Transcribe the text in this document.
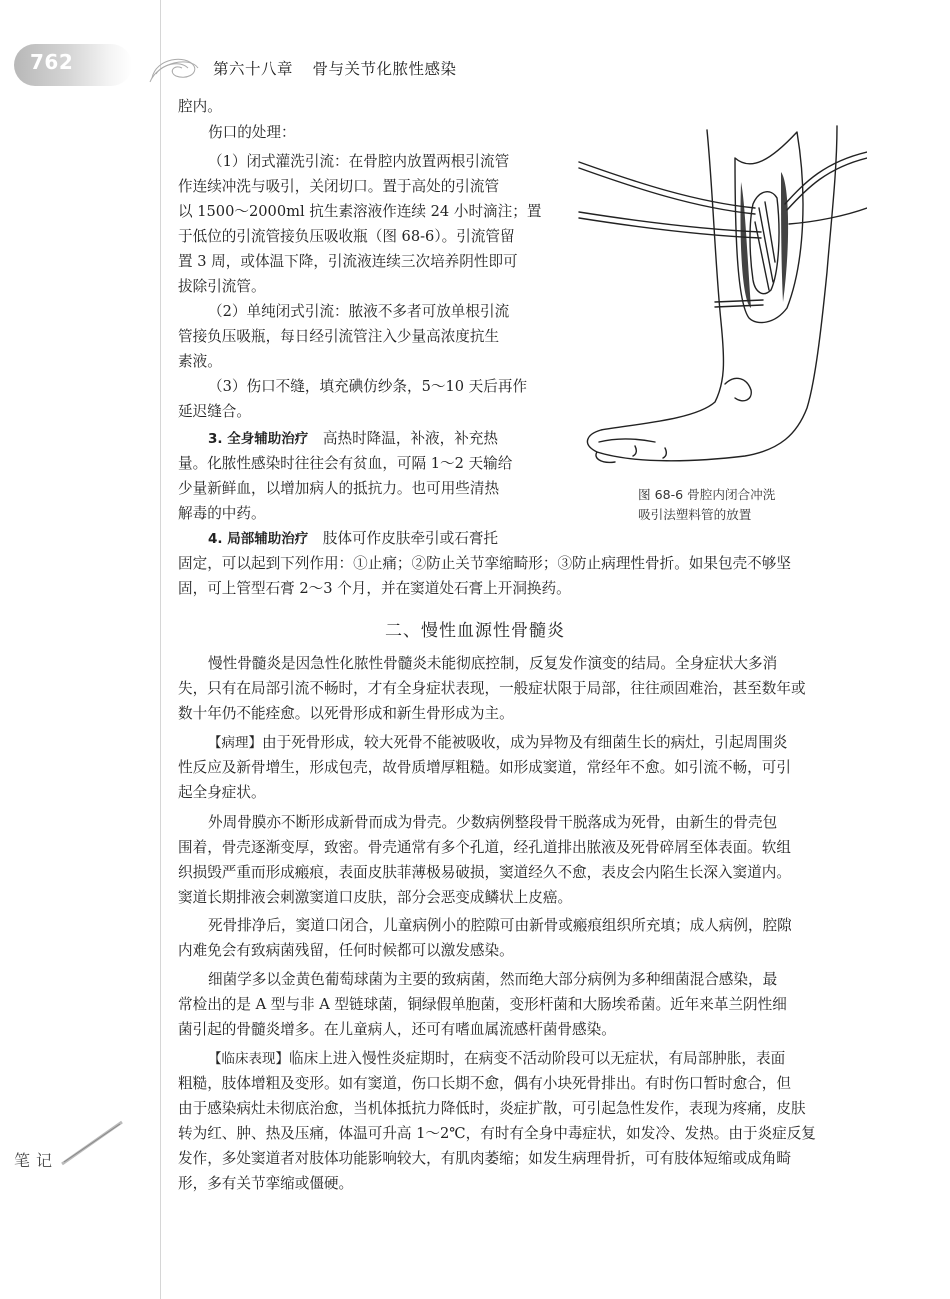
762	第六十八章 骨与关节化脓性感染
腔内。
伤口的处理：
（1）闭式灌洗引流：在骨腔内放置两根引流管
作连续冲洗与吸引，关闭切口。置于高处的引流管
以 1500～2000ml 抗生素溶液作连续 24 小时滴注；置
于低位的引流管接负压吸收瓶（图 68-6）。引流管留
置 3 周，或体温下降，引流液连续三次培养阴性即可
拔除引流管。
（2）单纯闭式引流：脓液不多者可放单根引流
管接负压吸瓶，每日经引流管注入少量高浓度抗生
素液。
（3）伤口不缝，填充碘仿纱条，5～10 天后再作
延迟缝合。
3. 全身辅助治疗 高热时降温，补液，补充热
量。化脓性感染时往往会有贫血，可隔 1～2 天输给
少量新鲜血，以增加病人的抵抗力。也可用些清热
解毒的中药。
4. 局部辅助治疗 肢体可作皮肤牵引或石膏托
固定，可以起到下列作用：①止痛；②防止关节挛缩畸形；③防止病理性骨折。如果包壳不够坚
固，可上管型石膏 2～3 个月，并在窦道处石膏上开洞换药。
图 68-6 骨腔内闭合冲洗
吸引法塑料管的放置
二、慢性血源性骨髓炎
慢性骨髓炎是因急性化脓性骨髓炎未能彻底控制，反复发作演变的结局。全身症状大多消
失，只有在局部引流不畅时，才有全身症状表现，一般症状限于局部，往往顽固难治，甚至数年或
数十年仍不能痊愈。以死骨形成和新生骨形成为主。
【病理】由于死骨形成，较大死骨不能被吸收，成为异物及有细菌生长的病灶，引起周围炎
性反应及新骨增生，形成包壳，故骨质增厚粗糙。如形成窦道，常经年不愈。如引流不畅，可引
起全身症状。
外周骨膜亦不断形成新骨而成为骨壳。少数病例整段骨干脱落成为死骨，由新生的骨壳包
围着，骨壳逐渐变厚，致密。骨壳通常有多个孔道，经孔道排出脓液及死骨碎屑至体表面。软组
织损毁严重而形成瘢痕，表面皮肤菲薄极易破损，窦道经久不愈，表皮会内陷生长深入窦道内。
窦道长期排液会刺激窦道口皮肤，部分会恶变成鳞状上皮癌。
死骨排净后，窦道口闭合，儿童病例小的腔隙可由新骨或瘢痕组织所充填；成人病例，腔隙
内难免会有致病菌残留，任何时候都可以激发感染。
细菌学多以金黄色葡萄球菌为主要的致病菌，然而绝大部分病例为多种细菌混合感染，最
常检出的是 A 型与非 A 型链球菌，铜绿假单胞菌，变形杆菌和大肠埃希菌。近年来革兰阴性细
菌引起的骨髓炎增多。在儿童病人，还可有嗜血属流感杆菌骨感染。
【临床表现】临床上进入慢性炎症期时，在病变不活动阶段可以无症状，有局部肿胀，表面
粗糙，肢体增粗及变形。如有窦道，伤口长期不愈，偶有小块死骨排出。有时伤口暂时愈合，但
由于感染病灶未彻底治愈，当机体抵抗力降低时，炎症扩散，可引起急性发作，表现为疼痛，皮肤
转为红、肿、热及压痛，体温可升高 1～2℃，有时有全身中毒症状，如发冷、发热。由于炎症反复
发作，多处窦道者对肢体功能影响较大，有肌肉萎缩；如发生病理骨折，可有肢体短缩或成角畸
形，多有关节挛缩或僵硬。
笔记
